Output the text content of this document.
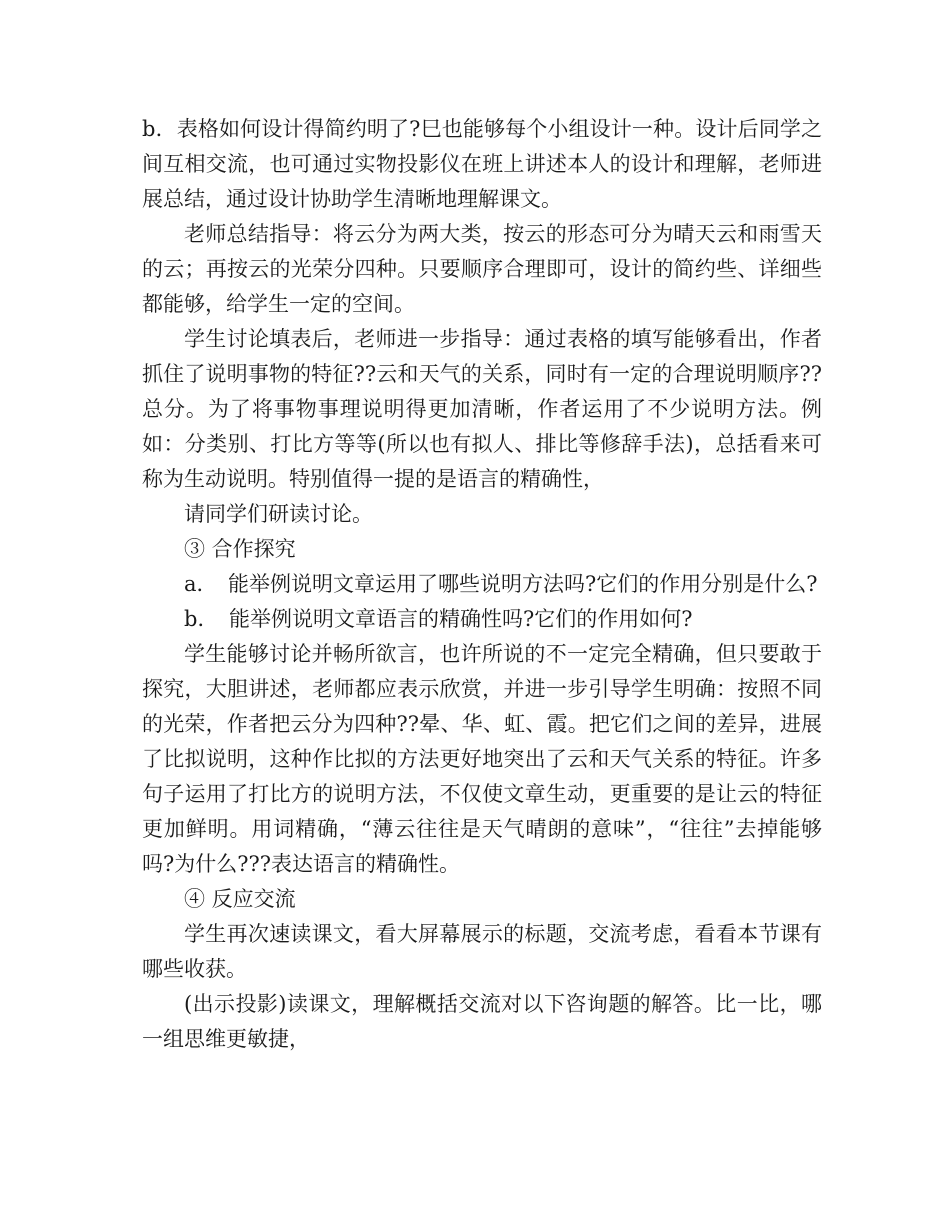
b．表格如何设计得简约明了?巳也能够每个小组设计一种。设计后同学之间互相交流，也可通过实物投影仪在班上讲述本人的设计和理解，老师进展总结，通过设计协助学生清晰地理解课文。

老师总结指导：将云分为两大类，按云的形态可分为晴天云和雨雪天的云；再按云的光荣分四种。只要顺序合理即可，设计的简约些、详细些都能够，给学生一定的空间。

学生讨论填表后，老师进一步指导：通过表格的填写能够看出，作者抓住了说明事物的特征??云和天气的关系，同时有一定的合理说明顺序??总分。为了将事物事理说明得更加清晰，作者运用了不少说明方法。例如：分类别、打比方等等(所以也有拟人、排比等修辞手法)，总括看来可称为生动说明。特别值得一提的是语言的精确性，

请同学们研读讨论。

③ 合作探究

a．　能举例说明文章运用了哪些说明方法吗?它们的作用分别是什么?

b．　能举例说明文章语言的精确性吗?它们的作用如何?

学生能够讨论并畅所欲言，也许所说的不一定完全精确，但只要敢于探究，大胆讲述，老师都应表示欣赏，并进一步引导学生明确：按照不同的光荣，作者把云分为四种??晕、华、虹、霞。把它们之间的差异，进展了比拟说明，这种作比拟的方法更好地突出了云和天气关系的特征。许多句子运用了打比方的说明方法，不仅使文章生动，更重要的是让云的特征更加鲜明。用词精确，“薄云往往是天气晴朗的意味”，“往往”去掉能够吗?为什么???表达语言的精确性。

④ 反应交流

学生再次速读课文，看大屏幕展示的标题，交流考虑，看看本节课有哪些收获。

(出示投影)读课文，理解概括交流对以下咨询题的解答。比一比，哪一组思维更敏捷，
